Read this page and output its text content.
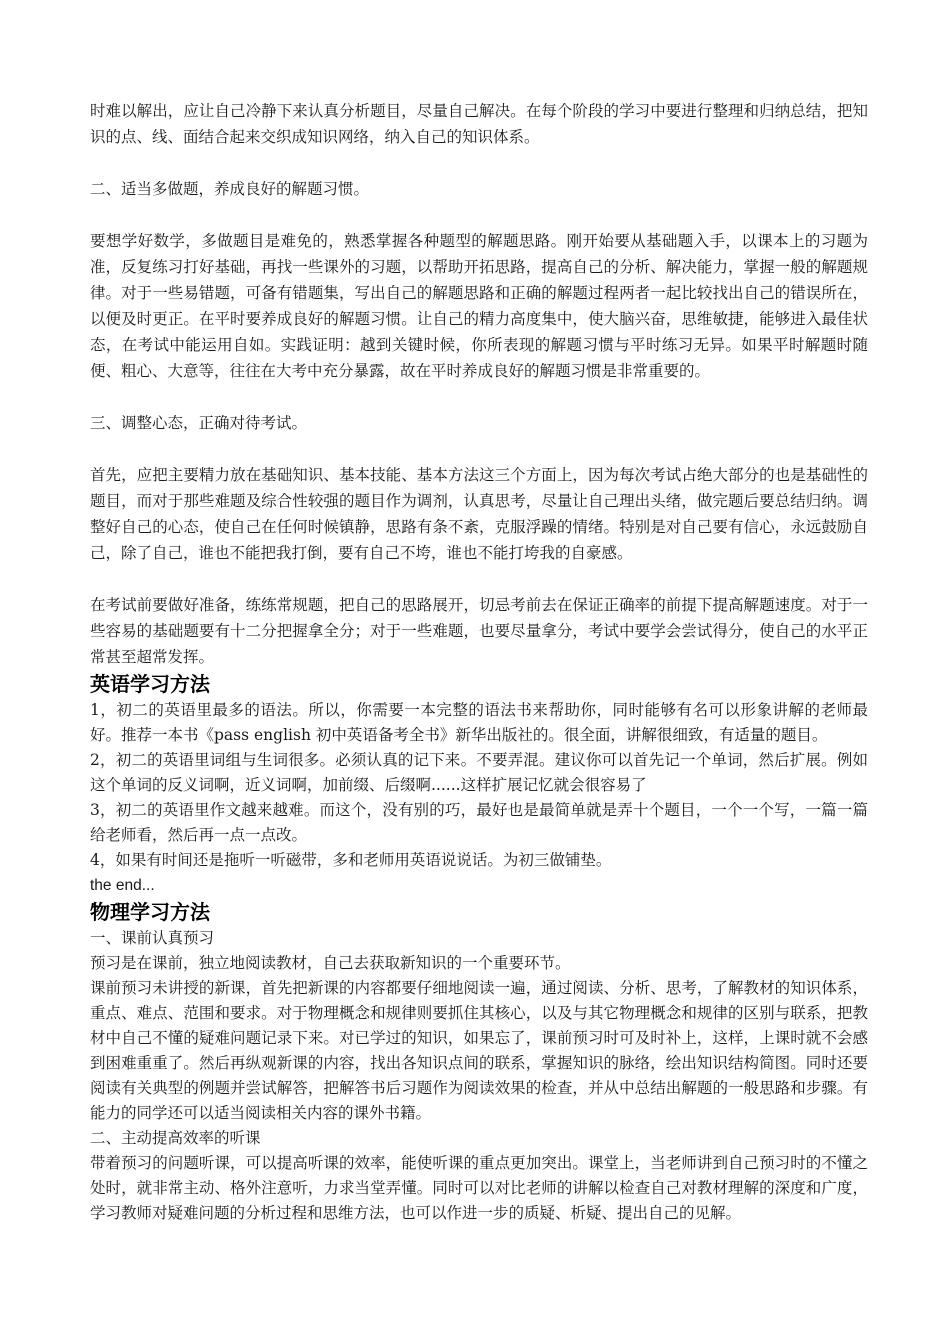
时难以解出，应让自己冷静下来认真分析题目，尽量自己解决。在每个阶段的学习中要进行整理和归纳总结，把知识的点、线、面结合起来交织成知识网络，纳入自己的知识体系。

二、适当多做题，养成良好的解题习惯。

要想学好数学，多做题目是难免的，熟悉掌握各种题型的解题思路。刚开始要从基础题入手，以课本上的习题为准，反复练习打好基础，再找一些课外的习题，以帮助开拓思路，提高自己的分析、解决能力，掌握一般的解题规律。对于一些易错题，可备有错题集，写出自己的解题思路和正确的解题过程两者一起比较找出自己的错误所在，以便及时更正。在平时要养成良好的解题习惯。让自己的精力高度集中，使大脑兴奋，思维敏捷，能够进入最佳状态，在考试中能运用自如。实践证明：越到关键时候，你所表现的解题习惯与平时练习无异。如果平时解题时随便、粗心、大意等，往往在大考中充分暴露，故在平时养成良好的解题习惯是非常重要的。

三、调整心态，正确对待考试。

首先，应把主要精力放在基础知识、基本技能、基本方法这三个方面上，因为每次考试占绝大部分的也是基础性的题目，而对于那些难题及综合性较强的题目作为调剂，认真思考，尽量让自己理出头绪，做完题后要总结归纳。调整好自己的心态，使自己在任何时候镇静，思路有条不紊，克服浮躁的情绪。特别是对自己要有信心，永远鼓励自己，除了自己，谁也不能把我打倒，要有自己不垮，谁也不能打垮我的自豪感。

在考试前要做好准备，练练常规题，把自己的思路展开，切忌考前去在保证正确率的前提下提高解题速度。对于一些容易的基础题要有十二分把握拿全分；对于一些难题，也要尽量拿分，考试中要学会尝试得分，使自己的水平正常甚至超常发挥。

英语学习方法

1，初二的英语里最多的语法。所以，你需要一本完整的语法书来帮助你，同时能够有名可以形象讲解的老师最好。推荐一本书《pass english 初中英语备考全书》新华出版社的。很全面，讲解很细致，有适量的题目。

2，初二的英语里词组与生词很多。必须认真的记下来。不要弄混。建议你可以首先记一个单词，然后扩展。例如这个单词的反义词啊，近义词啊，加前缀、后缀啊......这样扩展记忆就会很容易了

3，初二的英语里作文越来越难。而这个，没有别的巧，最好也是最简单就是弄十个题目，一个一个写，一篇一篇给老师看，然后再一点一点改。

4，如果有时间还是拖听一听磁带，多和老师用英语说说话。为初三做铺垫。

the end...

物理学习方法

一、课前认真预习

预习是在课前，独立地阅读教材，自己去获取新知识的一个重要环节。

课前预习未讲授的新课，首先把新课的内容都要仔细地阅读一遍，通过阅读、分析、思考，了解教材的知识体系，重点、难点、范围和要求。对于物理概念和规律则要抓住其核心，以及与其它物理概念和规律的区别与联系，把教材中自己不懂的疑难问题记录下来。对已学过的知识，如果忘了，课前预习时可及时补上，这样，上课时就不会感到困难重重了。然后再纵观新课的内容，找出各知识点间的联系，掌握知识的脉络，绘出知识结构简图。同时还要阅读有关典型的例题并尝试解答，把解答书后习题作为阅读效果的检查，并从中总结出解题的一般思路和步骤。有能力的同学还可以适当阅读相关内容的课外书籍。

二、主动提高效率的听课

带着预习的问题听课，可以提高听课的效率，能使听课的重点更加突出。课堂上，当老师讲到自己预习时的不懂之处时，就非常主动、格外注意听，力求当堂弄懂。同时可以对比老师的讲解以检查自己对教材理解的深度和广度，学习教师对疑难问题的分析过程和思维方法，也可以作进一步的质疑、析疑、提出自己的见解。
